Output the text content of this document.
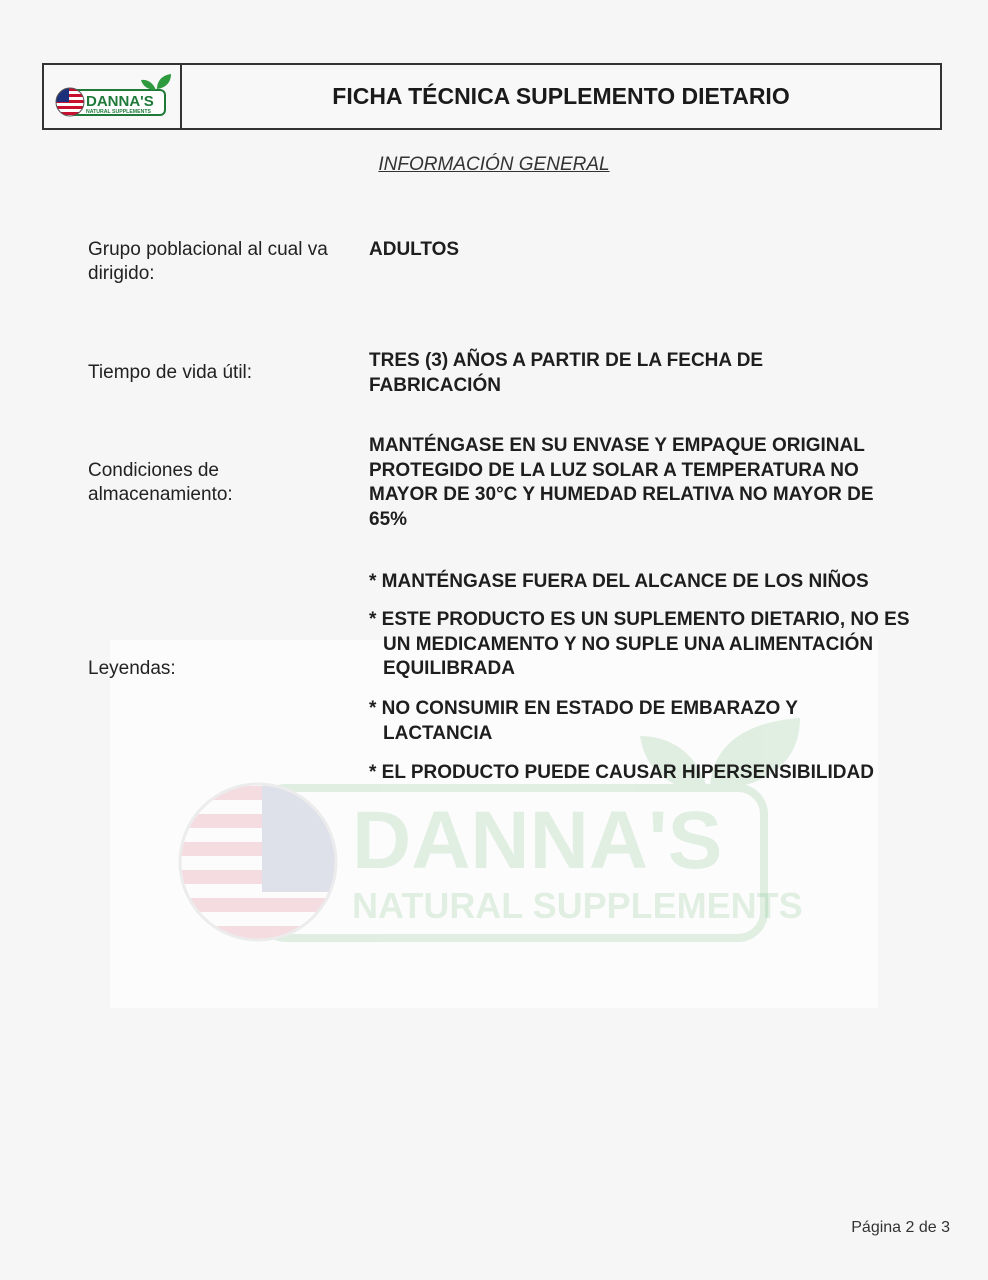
DANNA'S
NATURAL SUPPLEMENTS
DANNA'S
NATURAL SUPPLEMENTS
FICHA TÉCNICA SUPLEMENTO DIETARIO
INFORMACIÓN GENERAL
Grupo poblacional al cual va dirigido:
ADULTOS
Tiempo de vida útil:
TRES (3) AÑOS A PARTIR DE LA FECHA DE FABRICACIÓN
Condiciones de almacenamiento:
MANTÉNGASE EN SU ENVASE Y EMPAQUE ORIGINAL PROTEGIDO DE LA LUZ SOLAR A TEMPERATURA NO MAYOR DE 30°C Y HUMEDAD RELATIVA NO MAYOR DE 65%
Leyendas:
* MANTÉNGASE FUERA DEL ALCANCE DE LOS NIÑOS
* ESTE PRODUCTO ES UN SUPLEMENTO DIETARIO, NO ES UN MEDICAMENTO Y NO SUPLE UNA ALIMENTACIÓN EQUILIBRADA
* NO CONSUMIR EN ESTADO DE EMBARAZO Y LACTANCIA
* EL PRODUCTO PUEDE CAUSAR HIPERSENSIBILIDAD
Página 2 de 3
